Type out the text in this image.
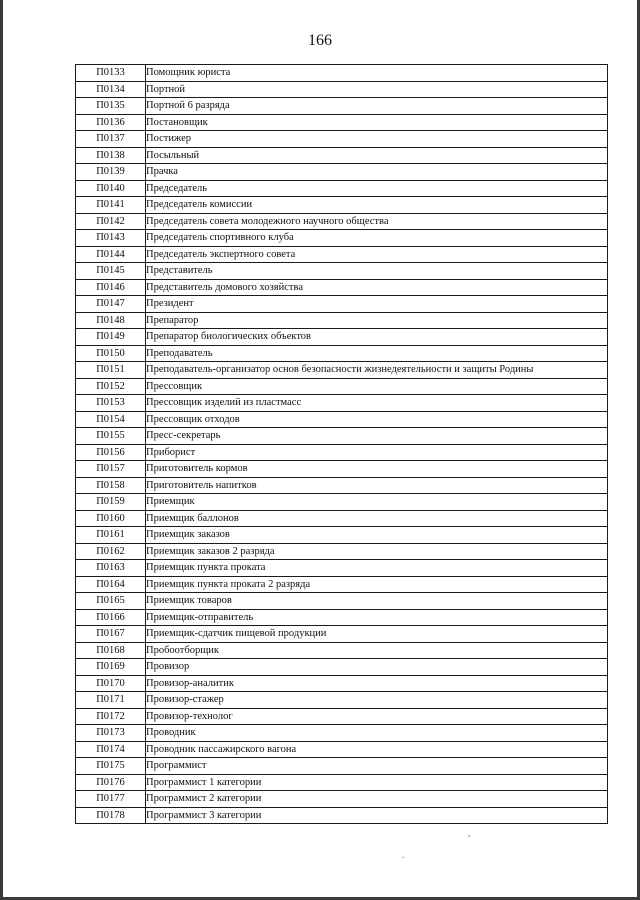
166
П0133	Помощник юриста
П0134	Портной
П0135	Портной 6 разряда
П0136	Постановщик
П0137	Постижер
П0138	Посыльный
П0139	Прачка
П0140	Председатель
П0141	Председатель комиссии
П0142	Председатель совета молодежного научного общества
П0143	Председатель спортивного клуба
П0144	Председатель экспертного совета
П0145	Представитель
П0146	Представитель домового хозяйства
П0147	Президент
П0148	Препаратор
П0149	Препаратор биологических объектов
П0150	Преподаватель
П0151	Преподаватель-организатор основ безопасности жизнедеятельности и защиты Родины
П0152	Прессовщик
П0153	Прессовщик изделий из пластмасс
П0154	Прессовщик отходов
П0155	Пресс-секретарь
П0156	Приборист
П0157	Приготовитель кормов
П0158	Приготовитель напитков
П0159	Приемщик
П0160	Приемщик баллонов
П0161	Приемщик заказов
П0162	Приемщик заказов 2 разряда
П0163	Приемщик пункта проката
П0164	Приемщик пункта проката 2 разряда
П0165	Приемщик товаров
П0166	Приемщик-отправитель
П0167	Приемщик-сдатчик пищевой продукции
П0168	Пробоотборщик
П0169	Провизор
П0170	Провизор-аналитик
П0171	Провизор-стажер
П0172	Провизор-технолог
П0173	Проводник
П0174	Проводник пассажирского вагона
П0175	Программист
П0176	Программист 1 категории
П0177	Программист 2 категории
П0178	Программист 3 категории
,
.
